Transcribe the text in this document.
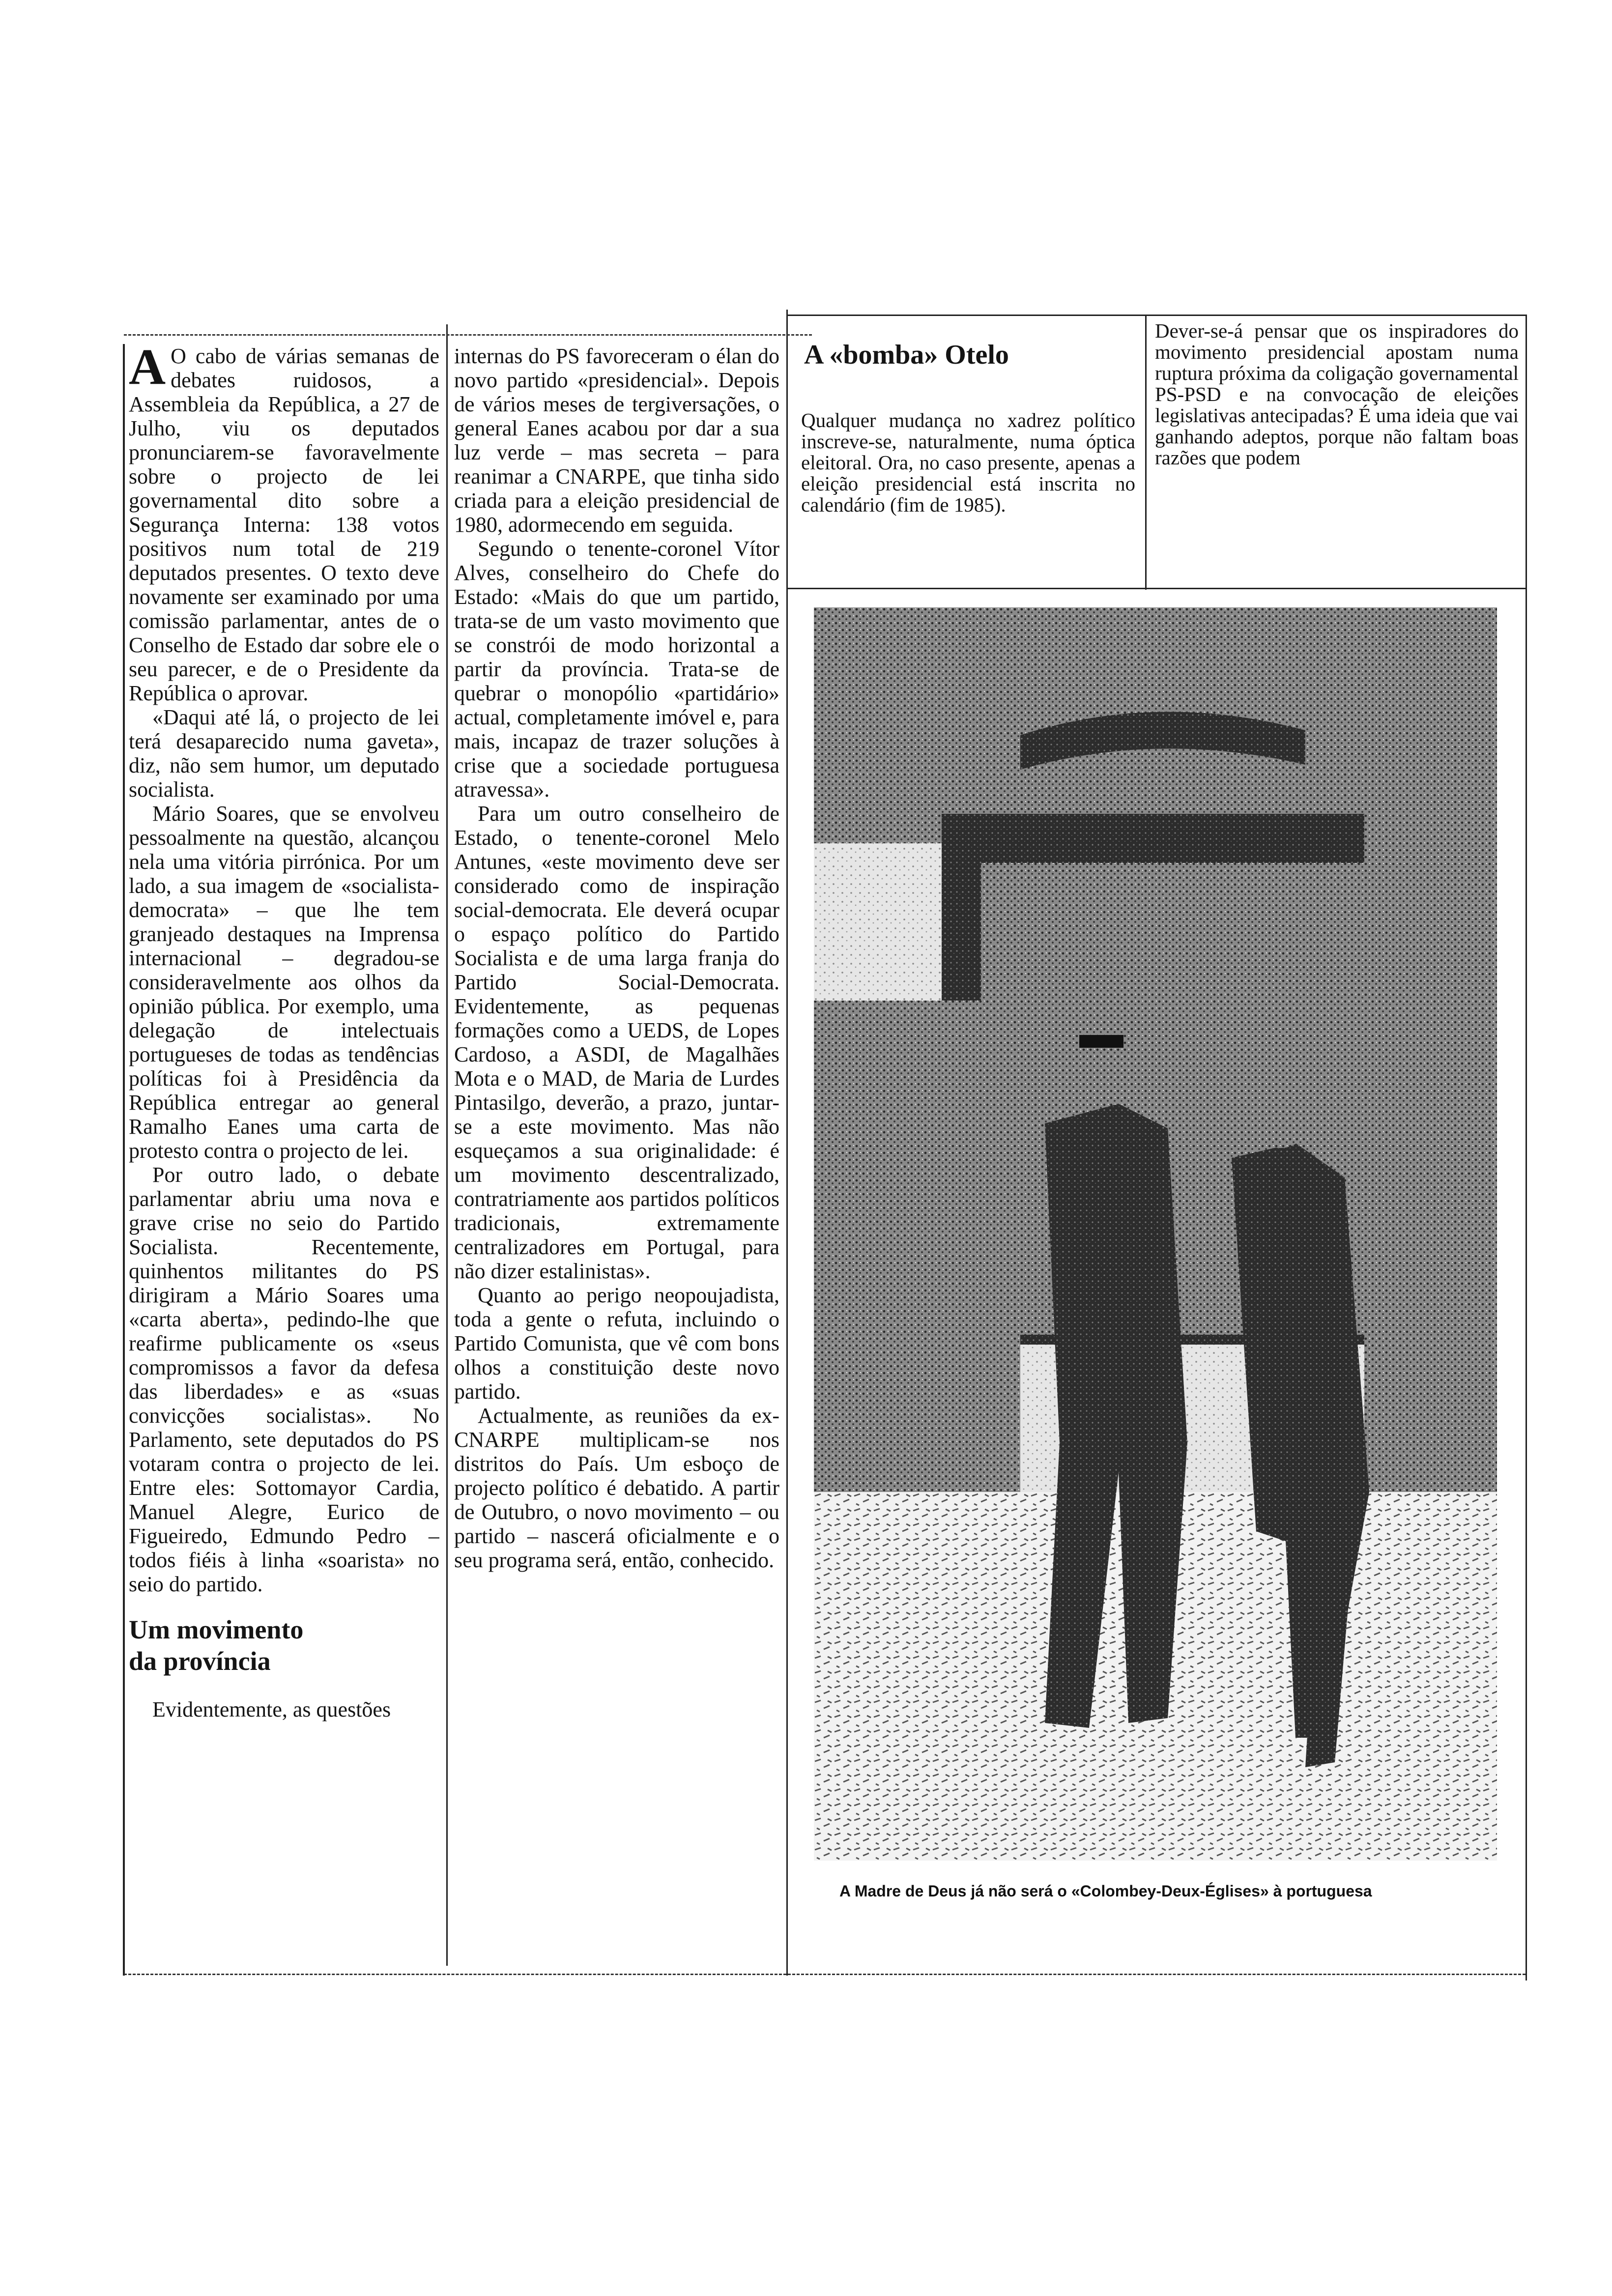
A O cabo de várias semanas de debates ruidosos, a Assembleia da República, a 27 de Julho, viu os deputados pronunciarem-se favoravelmente sobre o projecto de lei governamental dito sobre a Segurança Interna: 138 votos positivos num total de 219 deputados presentes. O texto deve novamente ser examinado por uma comissão parlamentar, antes de o Conselho de Estado dar sobre ele o seu parecer, e de o Presidente da República o aprovar.

«Daqui até lá, o projecto de lei terá desaparecido numa gaveta», diz, não sem humor, um deputado socialista.

Mário Soares, que se envolveu pessoalmente na questão, alcançou nela uma vitória pirrónica. Por um lado, a sua imagem de «socialista-democrata» – que lhe tem granjeado destaques na Imprensa internacional – degradou-se consideravelmente aos olhos da opinião pública. Por exemplo, uma delegação de intelectuais portugueses de todas as tendências políticas foi à Presidência da República entregar ao general Ramalho Eanes uma carta de protesto contra o projecto de lei.

Por outro lado, o debate parlamentar abriu uma nova e grave crise no seio do Partido Socialista. Recentemente, quinhentos militantes do PS dirigiram a Mário Soares uma «carta aberta», pedindo-lhe que reafirme publicamente os «seus compromissos a favor da defesa das liberdades» e as «suas convicções socialistas». No Parlamento, sete deputados do PS votaram contra o projecto de lei. Entre eles: Sottomayor Cardia, Manuel Alegre, Eurico de Figueiredo, Edmundo Pedro – todos fiéis à linha «soarista» no seio do partido.

Um movimento
da província

Evidentemente, as questões

internas do PS favoreceram o élan do novo partido «presidencial». Depois de vários meses de tergiversações, o general Eanes acabou por dar a sua luz verde – mas secreta – para reanimar a CNARPE, que tinha sido criada para a eleição presidencial de 1980, adormecendo em seguida.

Segundo o tenente-coronel Vítor Alves, conselheiro do Chefe do Estado: «Mais do que um partido, trata-se de um vasto movimento que se constrói de modo horizontal a partir da província. Trata-se de quebrar o monopólio «partidário» actual, completamente imóvel e, para mais, incapaz de trazer soluções à crise que a sociedade portuguesa atravessa».

Para um outro conselheiro de Estado, o tenente-coronel Melo Antunes, «este movimento deve ser considerado como de inspiração social-democrata. Ele deverá ocupar o espaço político do Partido Socialista e de uma larga franja do Partido Social-Democrata. Evidentemente, as pequenas formações como a UEDS, de Lopes Cardoso, a ASDI, de Magalhães Mota e o MAD, de Maria de Lurdes Pintasilgo, deverão, a prazo, juntar-se a este movimento. Mas não esqueçamos a sua originalidade: é um movimento descentralizado, contratriamente aos partidos políticos tradicionais, extremamente centralizadores em Portugal, para não dizer estalinistas».

Quanto ao perigo neopoujadista, toda a gente o refuta, incluindo o Partido Comunista, que vê com bons olhos a constituição deste novo partido.

Actualmente, as reuniões da ex-CNARPE multiplicam-se nos distritos do País. Um esboço de projecto político é debatido. A partir de Outubro, o novo movimento – ou partido – nascerá oficialmente e o seu programa será, então, conhecido.

A «bomba» Otelo

Qualquer mudança no xadrez político inscreve-se, naturalmente, numa óptica eleitoral. Ora, no caso presente, apenas a eleição presidencial está inscrita no calendário (fim de 1985).

Dever-se-á pensar que os inspiradores do movimento presidencial apostam numa ruptura próxima da coligação governamental PS-PSD e na convocação de eleições legislativas antecipadas? É uma ideia que vai ganhando adeptos, porque não faltam boas razões que podem

A Madre de Deus já não será o «Colombey-Deux-Églises» à portuguesa
